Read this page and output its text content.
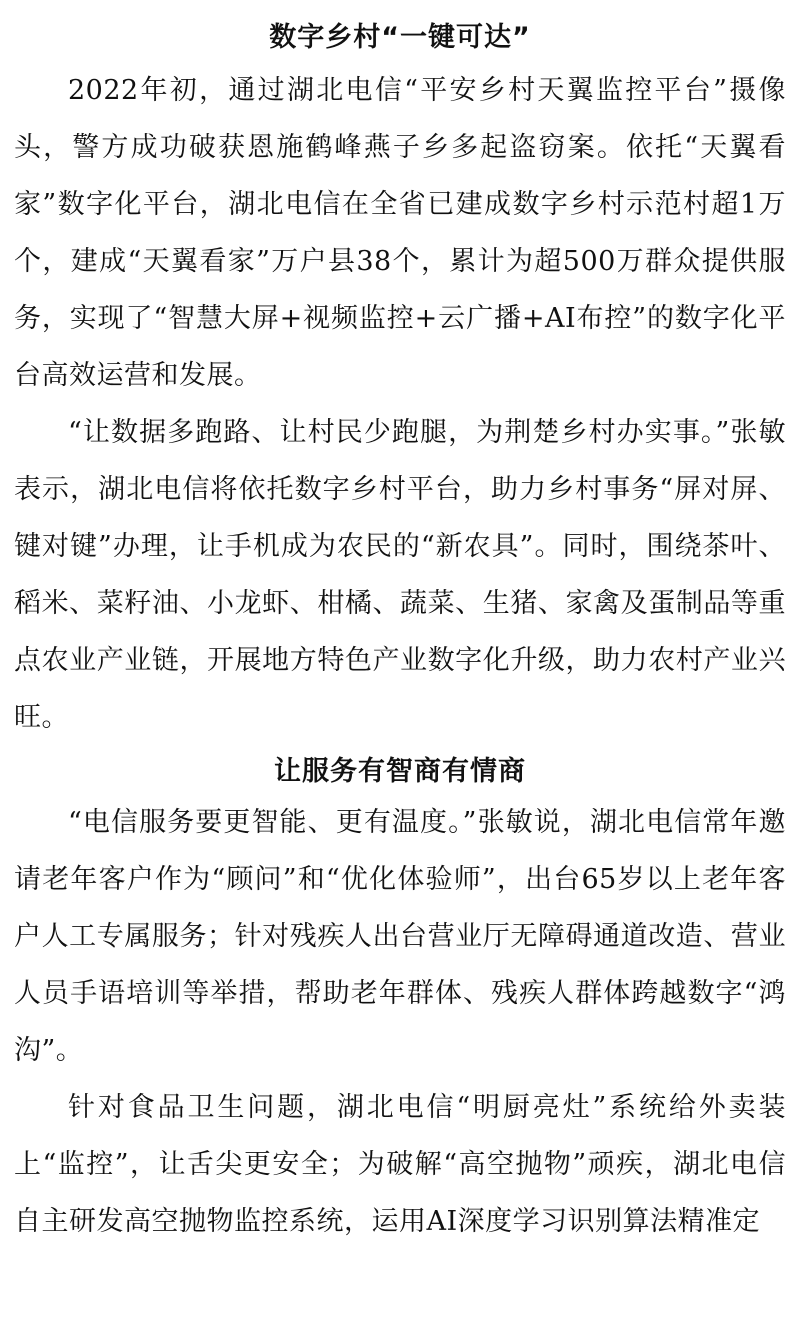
数字乡村“一键可达”

2022年初，通过湖北电信“平安乡村天翼监控平台”摄像头，警方成功破获恩施鹤峰燕子乡多起盗窃案。依托“天翼看家”数字化平台，湖北电信在全省已建成数字乡村示范村超1万个，建成“天翼看家”万户县38个，累计为超500万群众提供服务，实现了“智慧大屏+视频监控+云广播+AI布控”的数字化平台高效运营和发展。

“让数据多跑路、让村民少跑腿，为荆楚乡村办实事。”张敏表示，湖北电信将依托数字乡村平台，助力乡村事务“屏对屏、键对键”办理，让手机成为农民的“新农具”。同时，围绕茶叶、稻米、菜籽油、小龙虾、柑橘、蔬菜、生猪、家禽及蛋制品等重点农业产业链，开展地方特色产业数字化升级，助力农村产业兴旺。

让服务有智商有情商

“电信服务要更智能、更有温度。”张敏说，湖北电信常年邀请老年客户作为“顾问”和“优化体验师”，出台65岁以上老年客户人工专属服务；针对残疾人出台营业厅无障碍通道改造、营业人员手语培训等举措，帮助老年群体、残疾人群体跨越数字“鸿沟”。

针对食品卫生问题，湖北电信“明厨亮灶”系统给外卖装上“监控”，让舌尖更安全；为破解“高空抛物”顽疾，湖北电信自主研发高空抛物监控系统，运用AI深度学习识别算法精准定
